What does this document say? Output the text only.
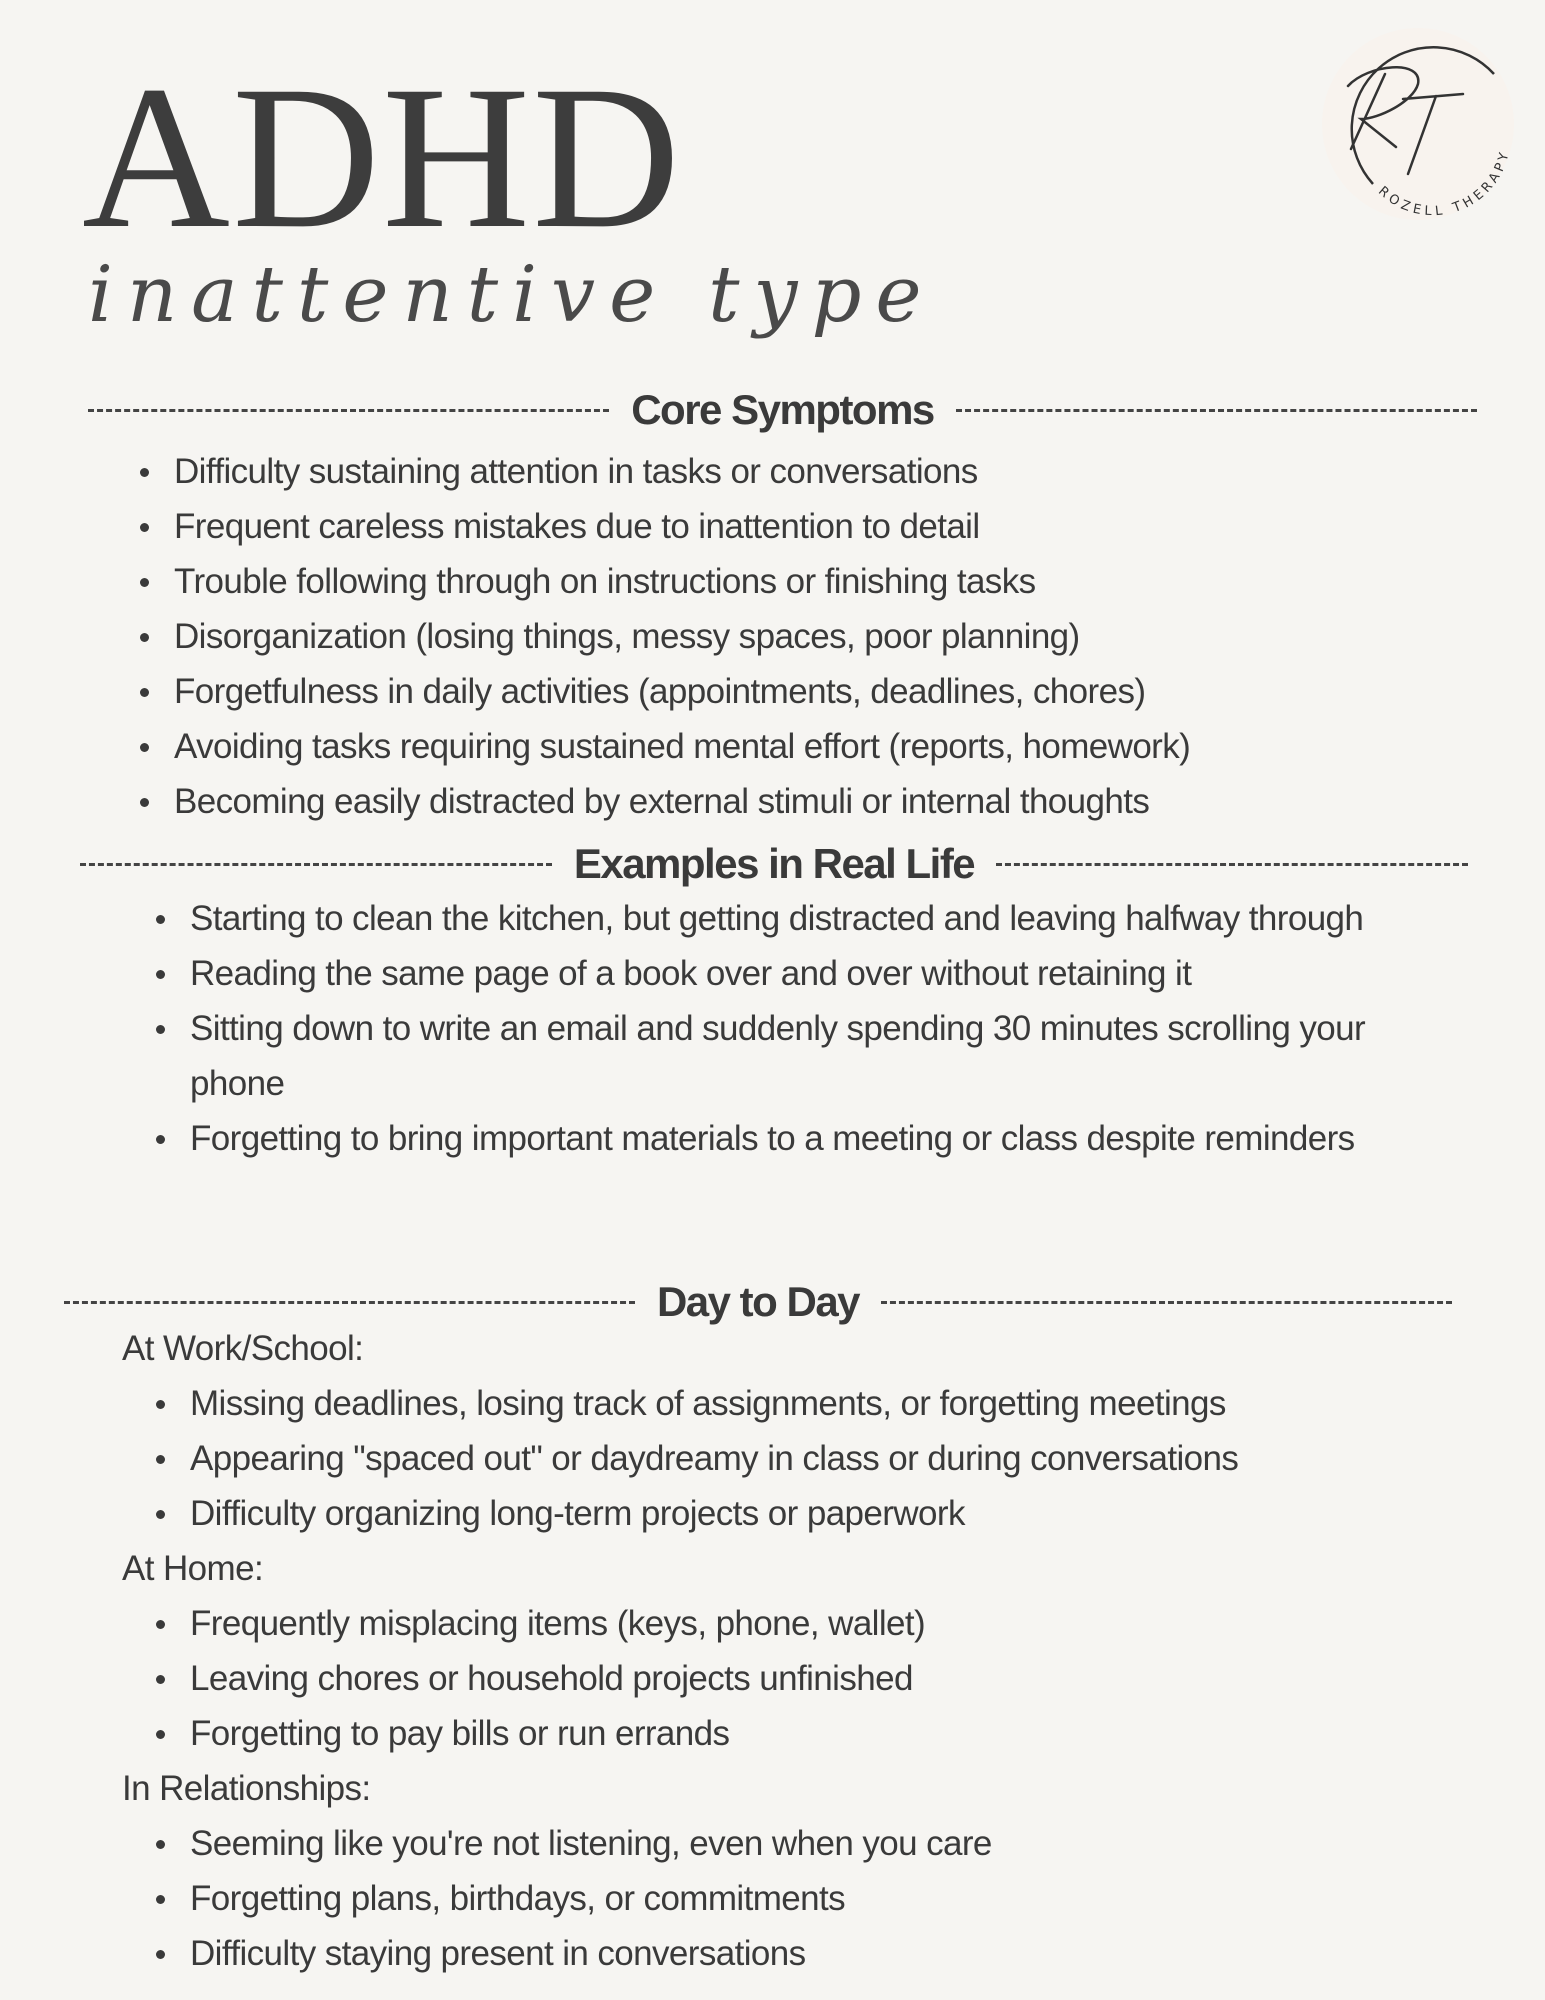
ADHD
inattentive type
ROZELL THERAPY
Core Symptoms
Difficulty sustaining attention in tasks or conversations
Frequent careless mistakes due to inattention to detail
Trouble following through on instructions or finishing tasks
Disorganization (losing things, messy spaces, poor planning)
Forgetfulness in daily activities (appointments, deadlines, chores)
Avoiding tasks requiring sustained mental effort (reports, homework)
Becoming easily distracted by external stimuli or internal thoughts
Examples in Real Life
Starting to clean the kitchen, but getting distracted and leaving halfway through
Reading the same page of a book over and over without retaining it
Sitting down to write an email and suddenly spending 30 minutes scrolling your phone
Forgetting to bring important materials to a meeting or class despite reminders
Day to Day
At Work/School:
Missing deadlines, losing track of assignments, or forgetting meetings
Appearing "spaced out" or daydreamy in class or during conversations
Difficulty organizing long-term projects or paperwork
At Home:
Frequently misplacing items (keys, phone, wallet)
Leaving chores or household projects unfinished
Forgetting to pay bills or run errands
In Relationships:
Seeming like you're not listening, even when you care
Forgetting plans, birthdays, or commitments
Difficulty staying present in conversations
